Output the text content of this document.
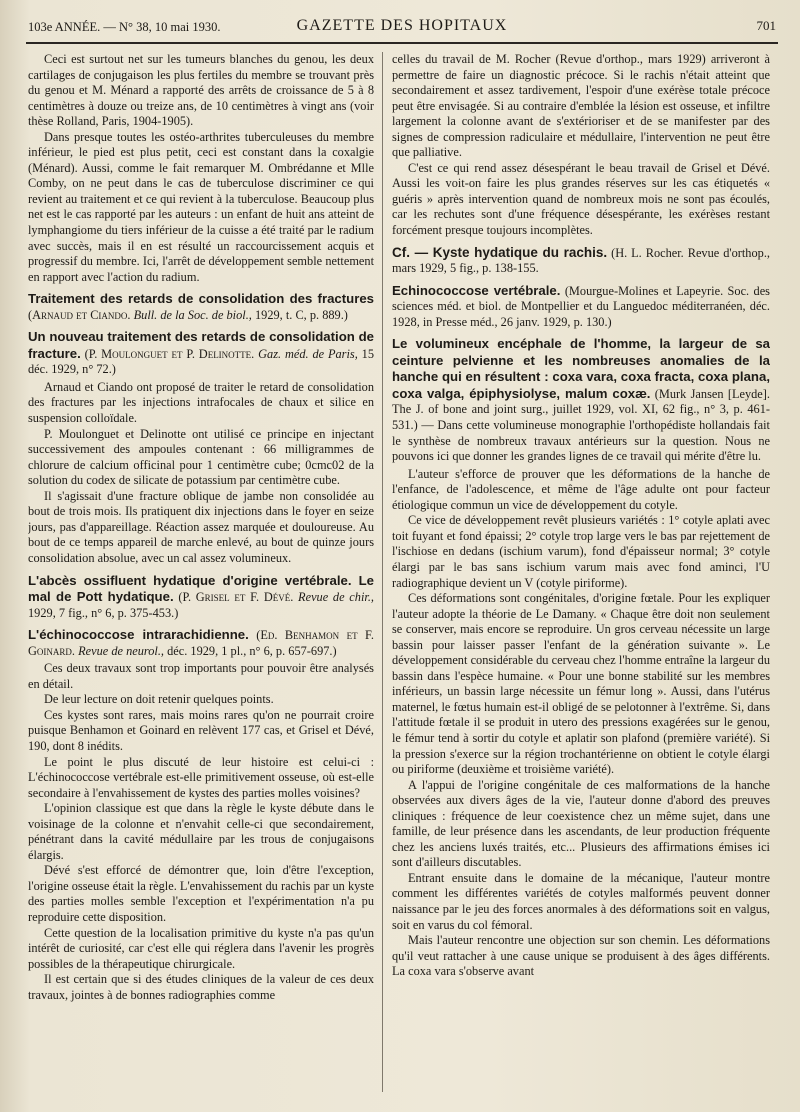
103e ANNÉE. — N° 38, 10 mai 1930.	GAZETTE DES HOPITAUX	701

Ceci est surtout net sur les tumeurs blanches du genou, les deux cartilages de conjugaison les plus fertiles du membre se trouvant près du genou et M. Ménard a rapporté des arrêts de croissance de 5 à 8 centimètres à douze ou treize ans, de 10 centimètres à vingt ans (voir thèse Rolland, Paris, 1904-1905).

Dans presque toutes les ostéo-arthrites tuberculeuses du membre inférieur, le pied est plus petit, ceci est constant dans la coxalgie (Ménard). Aussi, comme le fait remarquer M. Ombrédanne et Mlle Comby, on ne peut dans le cas de tuberculose discriminer ce qui revient au traitement et ce qui revient à la tuberculose. Beaucoup plus net est le cas rapporté par les auteurs : un enfant de huit ans atteint de lymphangiome du tiers inférieur de la cuisse a été traité par le radium avec succès, mais il en est résulté un raccourcissement acquis et progressif du membre. Ici, l'arrêt de développement semble nettement en rapport avec l'action du radium.

Traitement des retards de consolidation des fractures (Arnaud et Ciando. Bull. de la Soc. de biol., 1929, t. C, p. 889.)

Un nouveau traitement des retards de consolidation de fracture. (P. Moulonguet et P. Delinotte. Gaz. méd. de Paris, 15 déc. 1929, n° 72.)

Arnaud et Ciando ont proposé de traiter le retard de consolidation des fractures par les injections intrafocales de chaux et silice en suspension colloïdale.

P. Moulonguet et Delinotte ont utilisé ce principe en injectant successivement des ampoules contenant : 66 milligrammes de chlorure de calcium officinal pour 1 centimètre cube; 0cmc02 de la solution du codex de silicate de potassium par centimètre cube.

Il s'agissait d'une fracture oblique de jambe non consolidée au bout de trois mois. Ils pratiquent dix injections dans le foyer en seize jours, pas d'appareillage. Réaction assez marquée et douloureuse. Au bout de ce temps appareil de marche enlevé, au bout de quinze jours consolidation absolue, avec un cal assez volumineux.

L'abcès ossifluent hydatique d'origine vertébrale. Le mal de Pott hydatique. (P. Grisel et F. Dévé. Revue de chir., 1929, 7 fig., n° 6, p. 375-453.)

L'échinococcose intrarachidienne. (Ed. Benhamon et F. Goinard. Revue de neurol., déc. 1929, 1 pl., n° 6, p. 657-697.)

Ces deux travaux sont trop importants pour pouvoir être analysés en détail.

De leur lecture on doit retenir quelques points.

Ces kystes sont rares, mais moins rares qu'on ne pourrait croire puisque Benhamon et Goinard en relèvent 177 cas, et Grisel et Dévé, 190, dont 8 inédits.

Le point le plus discuté de leur histoire est celui-ci : L'échinococcose vertébrale est-elle primitivement osseuse, où est-elle secondaire à l'envahissement de kystes des parties molles voisines?

L'opinion classique est que dans la règle le kyste débute dans le voisinage de la colonne et n'envahit celle-ci que secondairement, pénétrant dans la cavité médullaire par les trous de conjugaisons élargis.

Dévé s'est efforcé de démontrer que, loin d'être l'exception, l'origine osseuse était la règle. L'envahissement du rachis par un kyste des parties molles semble l'exception et l'expérimentation n'a pu reproduire cette disposition.

Cette question de la localisation primitive du kyste n'a pas qu'un intérêt de curiosité, car c'est elle qui réglera dans l'avenir les progrès possibles de la thérapeutique chirurgicale.

Il est certain que si des études cliniques de la valeur de ces deux travaux, jointes à de bonnes radiographies comme

celles du travail de M. Rocher (Revue d'orthop., mars 1929) arriveront à permettre de faire un diagnostic précoce. Si le rachis n'était atteint que secondairement et assez tardivement, l'espoir d'une exérèse totale précoce peut être envisagée. Si au contraire d'emblée la lésion est osseuse, et infiltre largement la colonne avant de s'extérioriser et de se manifester par des signes de compression radiculaire et médullaire, l'intervention ne peut être que palliative.

C'est ce qui rend assez désespérant le beau travail de Grisel et Dévé. Aussi les voit-on faire les plus grandes réserves sur les cas étiquetés « guéris » après intervention quand de nombreux mois ne sont pas écoulés, car les rechutes sont d'une fréquence désespérante, les exérèses restant forcément presque toujours incomplètes.

Cf. — Kyste hydatique du rachis. (H. L. Rocher. Revue d'orthop., mars 1929, 5 fig., p. 138-155.

Echinococcose vertébrale. (Mourgue-Molines et Lapeyrie. Soc. des sciences méd. et biol. de Montpellier et du Languedoc méditerranéen, déc. 1928, in Presse méd., 26 janv. 1929, p. 130.)

Le volumineux encéphale de l'homme, la largeur de sa ceinture pelvienne et les nombreuses anomalies de la hanche qui en résultent : coxa vara, coxa fracta, coxa plana, coxa valga, épiphysiolyse, malum coxæ. (Murk Jansen [Leyde]. The J. of bone and joint surg., juillet 1929, vol. XI, 62 fig., n° 3, p. 461-531.) — Dans cette volumineuse monographie l'orthopédiste hollandais fait le synthèse de nombreux travaux antérieurs sur la question. Nous ne pouvons ici que donner les grandes lignes de ce travail qui mérite d'être lu.

L'auteur s'efforce de prouver que les déformations de la hanche de l'enfance, de l'adolescence, et même de l'âge adulte ont pour facteur étiologique commun un vice de développement du cotyle.

Ce vice de développement revêt plusieurs variétés : 1° cotyle aplati avec toit fuyant et fond épaissi; 2° cotyle trop large vers le bas par rejettement de l'ischiose en dedans (ischium varum), fond d'épaisseur normal; 3° cotyle élargi par le bas sans ischium varum mais avec fond aminci, l'U radiographique devient un V (cotyle piriforme).

Ces déformations sont congénitales, d'origine fœtale. Pour les expliquer l'auteur adopte la théorie de Le Damany. « Chaque être doit non seulement se conserver, mais encore se reproduire. Un gros cerveau nécessite un large bassin pour laisser passer l'enfant de la génération suivante ». Le développement considérable du cerveau chez l'homme entraîne la largeur du bassin dans l'espèce humaine. « Pour une bonne stabilité sur les membres inférieurs, un bassin large nécessite un fémur long ». Aussi, dans l'utérus maternel, le fœtus humain est-il obligé de se pelotonner à l'extrême. Si, dans l'attitude fœtale il se produit in utero des pressions exagérées sur le genou, le fémur tend à sortir du cotyle et aplatir son plafond (première variété). Si la pression s'exerce sur la région trochantérienne on obtient le cotyle élargi ou piriforme (deuxième et troisième variété).

A l'appui de l'origine congénitale de ces malformations de la hanche observées aux divers âges de la vie, l'auteur donne d'abord des preuves cliniques : fréquence de leur coexistence chez un même sujet, dans une famille, de leur présence dans les ascendants, de leur production fréquente chez les anciens luxés traités, etc... Plusieurs des affirmations émises ici sont d'ailleurs discutables.

Entrant ensuite dans le domaine de la mécanique, l'auteur montre comment les différentes variétés de cotyles malformés peuvent donner naissance par le jeu des forces anormales à des déformations soit en valgus, soit en varus du col fémoral.

Mais l'auteur rencontre une objection sur son chemin. Les déformations qu'il veut rattacher à une cause unique se produisent à des âges différents. La coxa vara s'observe avant
